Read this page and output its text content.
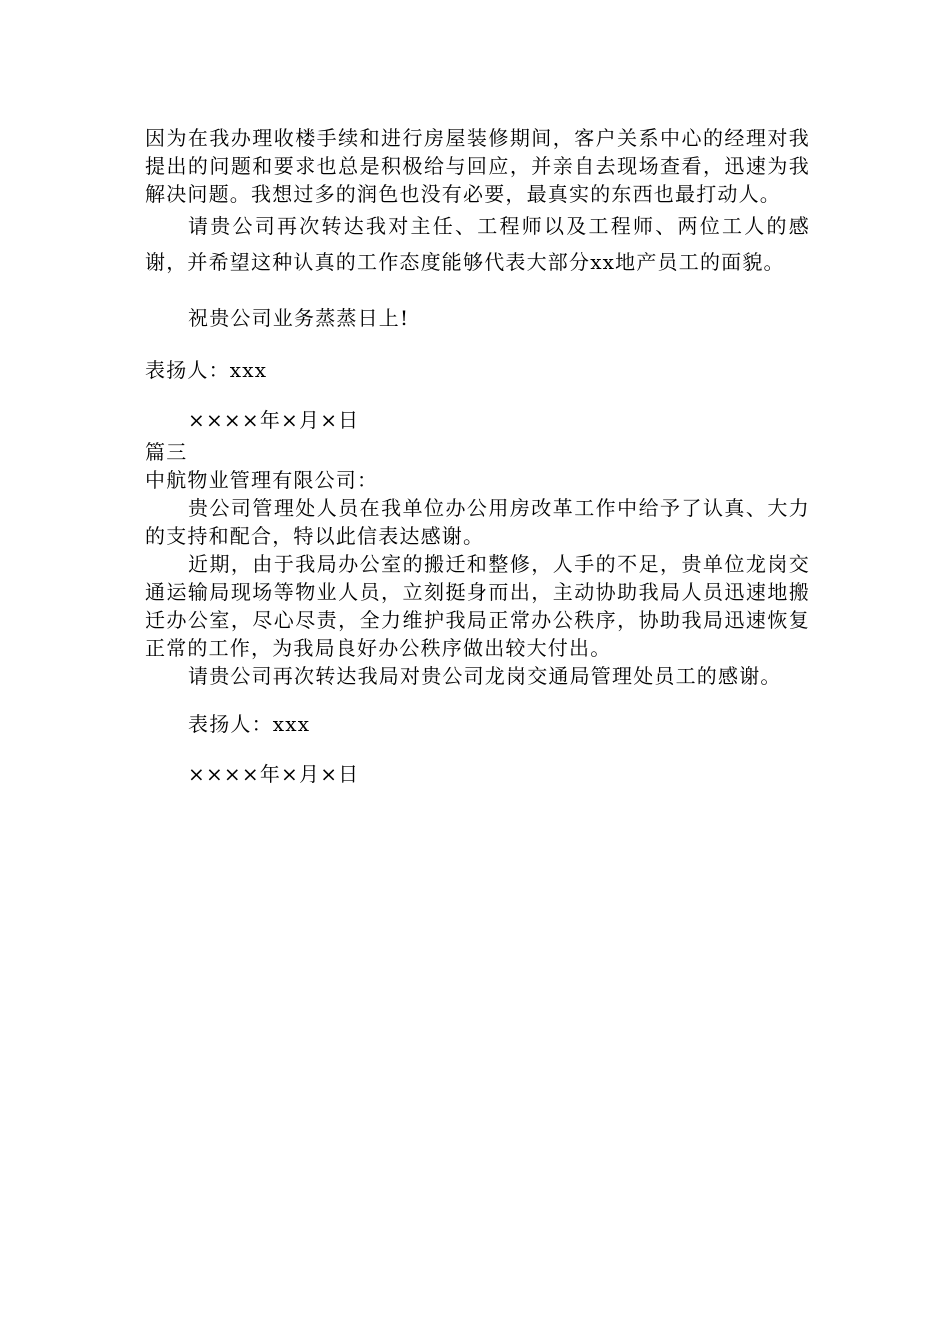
因为在我办理收楼手续和进行房屋装修期间，客户关系中心的经理对我提出的问题和要求也总是积极给与回应，并亲自去现场查看，迅速为我解决问题。我想过多的润色也没有必要，最真实的东西也最打动人。

请贵公司再次转达我对主任、工程师以及工程师、两位工人的感谢，并希望这种认真的工作态度能够代表大部分xx地产员工的面貌。

祝贵公司业务蒸蒸日上!

表扬人：xxx

××××年×月×日

篇三

中航物业管理有限公司：

贵公司管理处人员在我单位办公用房改革工作中给予了认真、大力的支持和配合，特以此信表达感谢。

近期，由于我局办公室的搬迁和整修，人手的不足，贵单位龙岗交通运输局现场等物业人员，立刻挺身而出，主动协助我局人员迅速地搬迁办公室，尽心尽责，全力维护我局正常办公秩序，协助我局迅速恢复正常的工作，为我局良好办公秩序做出较大付出。

请贵公司再次转达我局对贵公司龙岗交通局管理处员工的感谢。

表扬人：xxx

××××年×月×日
